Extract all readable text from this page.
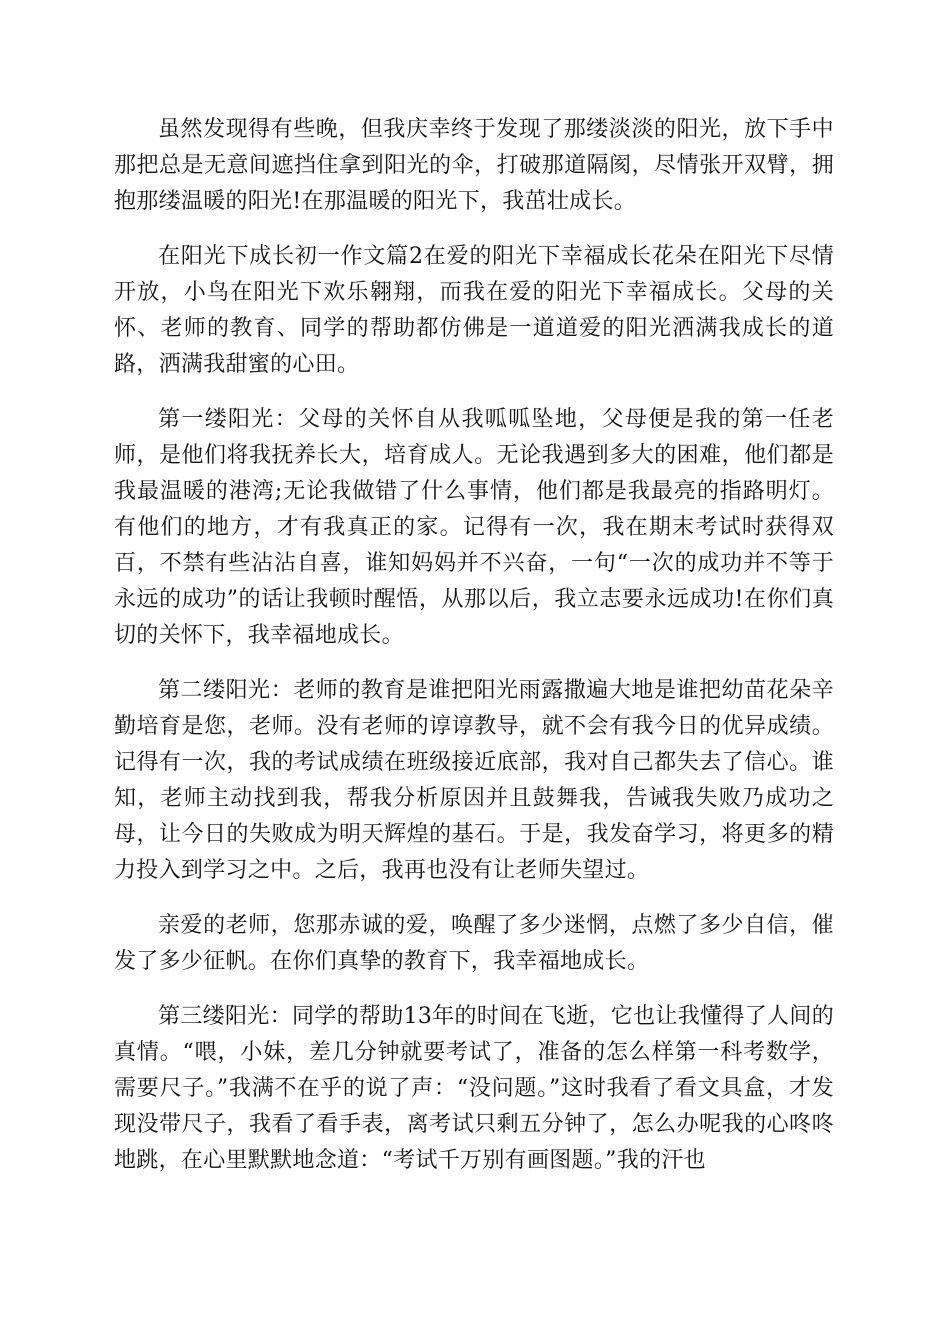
虽然发现得有些晚，但我庆幸终于发现了那缕淡淡的阳光，放下手中那把总是无意间遮挡住拿到阳光的伞，打破那道隔阂，尽情张开双臂，拥抱那缕温暖的阳光!在那温暖的阳光下，我茁壮成长。

在阳光下成长初一作文篇2在爱的阳光下幸福成长花朵在阳光下尽情开放，小鸟在阳光下欢乐翱翔，而我在爱的阳光下幸福成长。父母的关怀、老师的教育、同学的帮助都仿佛是一道道爱的阳光洒满我成长的道路，洒满我甜蜜的心田。

第一缕阳光：父母的关怀自从我呱呱坠地，父母便是我的第一任老师，是他们将我抚养长大，培育成人。无论我遇到多大的困难，他们都是我最温暖的港湾;无论我做错了什么事情，他们都是我最亮的指路明灯。有他们的地方，才有我真正的家。记得有一次，我在期末考试时获得双百，不禁有些沾沾自喜，谁知妈妈并不兴奋，一句“一次的成功并不等于永远的成功”的话让我顿时醒悟，从那以后，我立志要永远成功!在你们真切的关怀下，我幸福地成长。

第二缕阳光：老师的教育是谁把阳光雨露撒遍大地是谁把幼苗花朵辛勤培育是您，老师。没有老师的谆谆教导，就不会有我今日的优异成绩。记得有一次，我的考试成绩在班级接近底部，我对自己都失去了信心。谁知，老师主动找到我，帮我分析原因并且鼓舞我，告诫我失败乃成功之母，让今日的失败成为明天辉煌的基石。于是，我发奋学习，将更多的精力投入到学习之中。之后，我再也没有让老师失望过。

亲爱的老师，您那赤诚的爱，唤醒了多少迷惘，点燃了多少自信，催发了多少征帆。在你们真挚的教育下，我幸福地成长。

第三缕阳光：同学的帮助13年的时间在飞逝，它也让我懂得了人间的真情。“喂，小妹，差几分钟就要考试了，准备的怎么样第一科考数学，需要尺子。”我满不在乎的说了声：“没问题。”这时我看了看文具盒，才发现没带尺子，我看了看手表，离考试只剩五分钟了，怎么办呢我的心咚咚地跳，在心里默默地念道：“考试千万别有画图题。”我的汗也
